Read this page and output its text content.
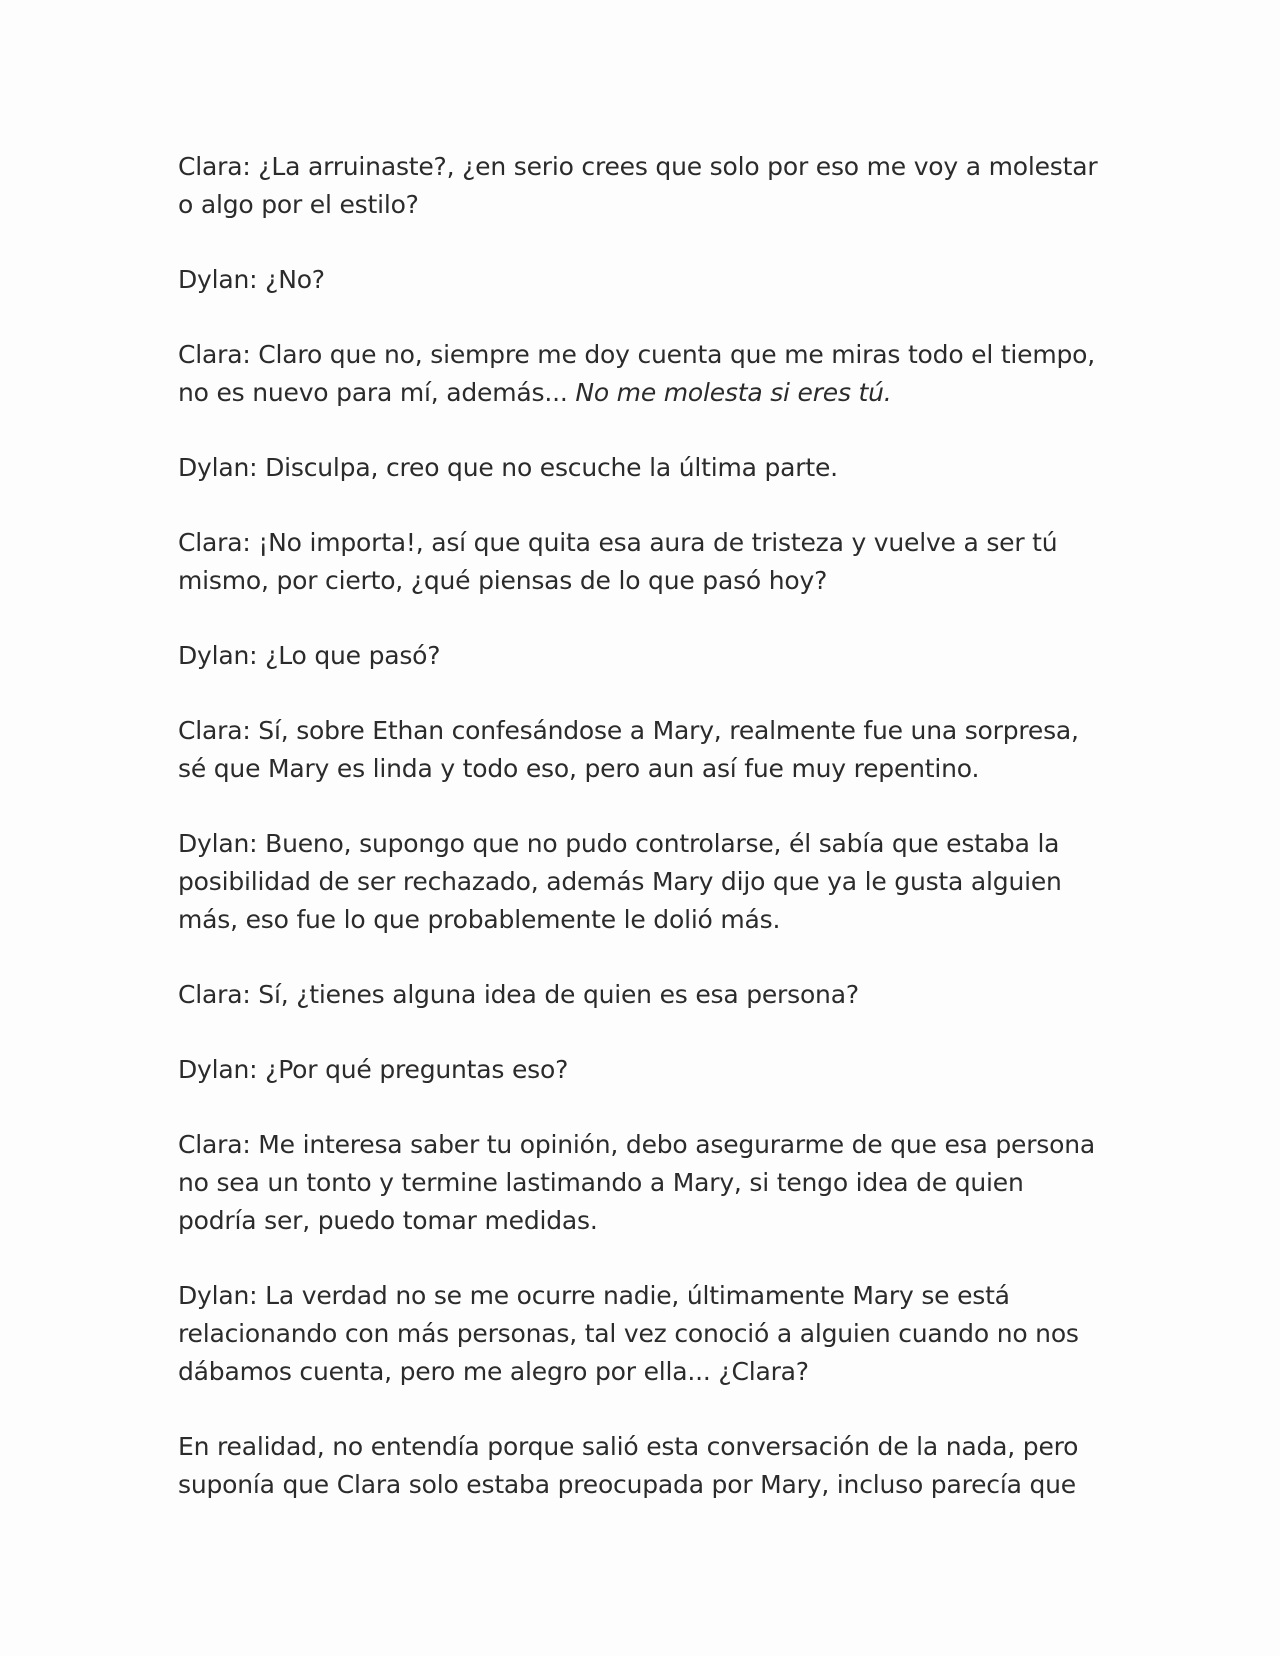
Clara: ¿La arruinaste?, ¿en serio crees que solo por eso me voy a molestar o algo por el estilo?

Dylan: ¿No?

Clara: Claro que no, siempre me doy cuenta que me miras todo el tiempo, no es nuevo para mí, además... No me molesta si eres tú.

Dylan: Disculpa, creo que no escuche la última parte.

Clara: ¡No importa!, así que quita esa aura de tristeza y vuelve a ser tú mismo, por cierto, ¿qué piensas de lo que pasó hoy?

Dylan: ¿Lo que pasó?

Clara: Sí, sobre Ethan confesándose a Mary, realmente fue una sorpresa, sé que Mary es linda y todo eso, pero aun así fue muy repentino.

Dylan: Bueno, supongo que no pudo controlarse, él sabía que estaba la posibilidad de ser rechazado, además Mary dijo que ya le gusta alguien más, eso fue lo que probablemente le dolió más.

Clara: Sí, ¿tienes alguna idea de quien es esa persona?

Dylan: ¿Por qué preguntas eso?

Clara: Me interesa saber tu opinión, debo asegurarme de que esa persona no sea un tonto y termine lastimando a Mary, si tengo idea de quien podría ser, puedo tomar medidas.

Dylan: La verdad no se me ocurre nadie, últimamente Mary se está relacionando con más personas, tal vez conoció a alguien cuando no nos dábamos cuenta, pero me alegro por ella... ¿Clara?

En realidad, no entendía porque salió esta conversación de la nada, pero suponía que Clara solo estaba preocupada por Mary, incluso parecía que
